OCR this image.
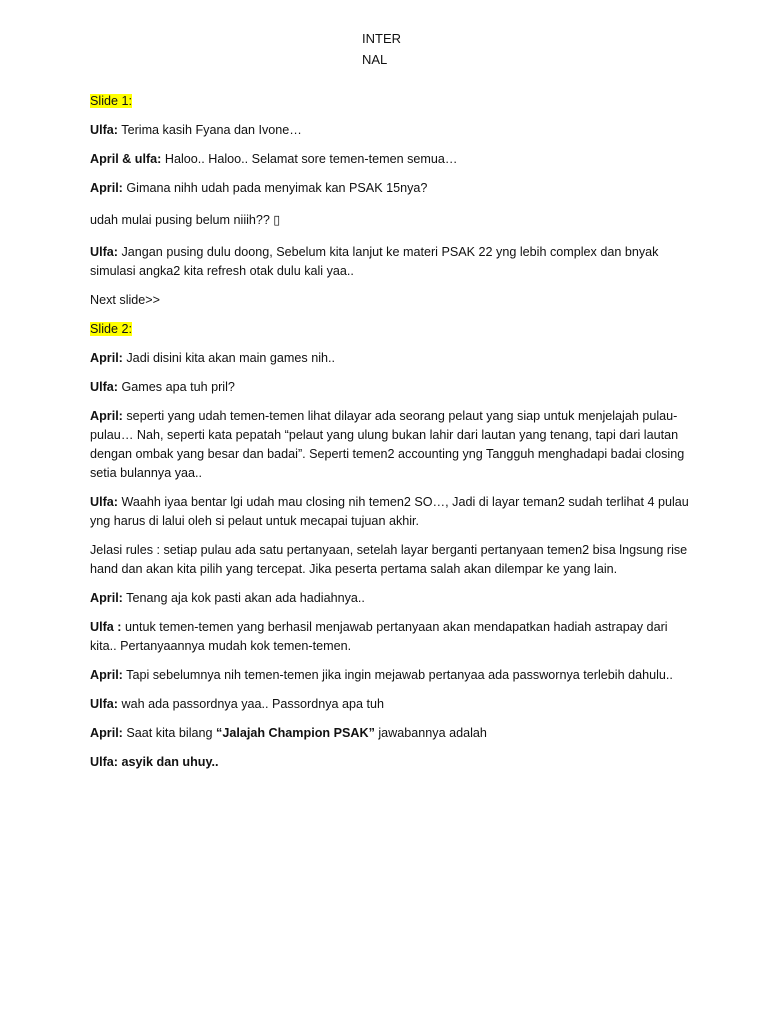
INTER
NAL

Slide 1:

Ulfa: Terima kasih Fyana dan Ivone…

April & ulfa: Haloo.. Haloo.. Selamat sore temen-temen semua…

April: Gimana nihh udah pada menyimak kan PSAK 15nya?

udah mulai pusing belum niiih?? ▯

Ulfa: Jangan pusing dulu doong, Sebelum kita lanjut ke materi PSAK 22 yng lebih complex dan bnyak simulasi angka2 kita refresh otak dulu kali yaa..

Next slide>>

Slide 2:

April: Jadi disini kita akan main games nih..

Ulfa: Games apa tuh pril?

April: seperti yang udah temen-temen lihat dilayar ada seorang pelaut yang siap untuk menjelajah pulau-pulau… Nah, seperti kata pepatah “pelaut yang ulung bukan lahir dari lautan yang tenang, tapi dari lautan dengan ombak yang besar dan badai”. Seperti temen2 accounting yng Tangguh menghadapi badai closing setia bulannya yaa..

Ulfa: Waahh iyaa bentar lgi udah mau closing nih temen2 SO…, Jadi di layar teman2 sudah terlihat 4 pulau yng harus di lalui oleh si pelaut untuk mecapai tujuan akhir.

Jelasi rules : setiap pulau ada satu pertanyaan, setelah layar berganti pertanyaan temen2 bisa lngsung rise hand dan akan kita pilih yang tercepat. Jika peserta pertama salah akan dilempar ke yang lain.

April: Tenang aja kok pasti akan ada hadiahnya..

Ulfa : untuk temen-temen yang berhasil menjawab pertanyaan akan mendapatkan hadiah astrapay dari kita.. Pertanyaannya mudah kok temen-temen.

April: Tapi sebelumnya nih temen-temen jika ingin mejawab pertanyaa ada passwornya terlebih dahulu..

Ulfa: wah ada passordnya yaa.. Passordnya apa tuh

April: Saat kita bilang “Jalajah Champion PSAK” jawabannya adalah

Ulfa: asyik dan uhuy..
